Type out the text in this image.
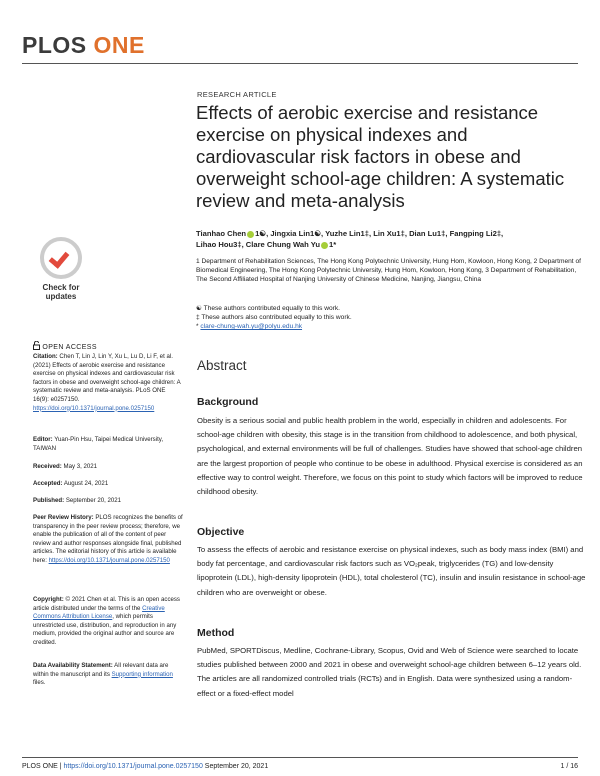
PLOS ONE
RESEARCH ARTICLE
Effects of aerobic exercise and resistance exercise on physical indexes and cardiovascular risk factors in obese and overweight school-age children: A systematic review and meta-analysis
Tianhao Chen 1☯, Jingxia Lin1☯, Yuzhe Lin1‡, Lin Xu1‡, Dian Lu1‡, Fangping Li2‡,
Lihao Hou3‡, Clare Chung Wah Yu 1*
1 Department of Rehabilitation Sciences, The Hong Kong Polytechnic University, Hung Hom, Kowloon, Hong Kong, 2 Department of Biomedical Engineering, The Hong Kong Polytechnic University, Hung Hom, Kowloon, Hong Kong, 3 Department of Rehabilitation, The Second Affiliated Hospital of Nanjing University of Chinese Medicine, Nanjing, Jiangsu, China
☯ These authors contributed equally to this work.
‡ These authors also contributed equally to this work.
* clare-chung-wah.yu@polyu.edu.hk
Check for
updates
OPEN ACCESS
Citation: Chen T, Lin J, Lin Y, Xu L, Lu D, Li F, et al. (2021) Effects of aerobic exercise and resistance exercise on physical indexes and cardiovascular risk factors in obese and overweight school-age children: A systematic review and meta-analysis. PLoS ONE 16(9): e0257150. https://doi.org/10.1371/journal.pone.0257150
Editor: Yuan-Pin Hsu, Taipei Medical University, TAIWAN
Received: May 3, 2021
Accepted: August 24, 2021
Published: September 20, 2021
Peer Review History: PLOS recognizes the benefits of transparency in the peer review process; therefore, we enable the publication of all of the content of peer review and author responses alongside final, published articles. The editorial history of this article is available here: https://doi.org/10.1371/journal.pone.0257150
Copyright: © 2021 Chen et al. This is an open access article distributed under the terms of the Creative Commons Attribution License, which permits unrestricted use, distribution, and reproduction in any medium, provided the original author and source are credited.
Data Availability Statement: All relevant data are within the manuscript and its Supporting information files.
Abstract
Background
Obesity is a serious social and public health problem in the world, especially in children and adolescents. For school-age children with obesity, this stage is in the transition from childhood to adolescence, and both physical, psychological, and external environments will be full of challenges. Studies have showed that school-age children are the largest proportion of people who continue to be obese in adulthood. Physical exercise is considered as an effective way to control weight. Therefore, we focus on this point to study which factors will be improved to reduce childhood obesity.
Objective
To assess the effects of aerobic and resistance exercise on physical indexes, such as body mass index (BMI) and body fat percentage, and cardiovascular risk factors such as VO₂peak, triglycerides (TG) and low-density lipoprotein (LDL), high-density lipoprotein (HDL), total cholesterol (TC), insulin and insulin resistance in school-age children who are overweight or obese.
Method
PubMed, SPORTDiscus, Medline, Cochrane-Library, Scopus, Ovid and Web of Science were searched to locate studies published between 2000 and 2021 in obese and overweight school-age children between 6–12 years old. The articles are all randomized controlled trials (RCTs) and in English. Data were synthesized using a random-effect or a fixed-effect model
PLOS ONE | https://doi.org/10.1371/journal.pone.0257150 September 20, 2021	1 / 16
